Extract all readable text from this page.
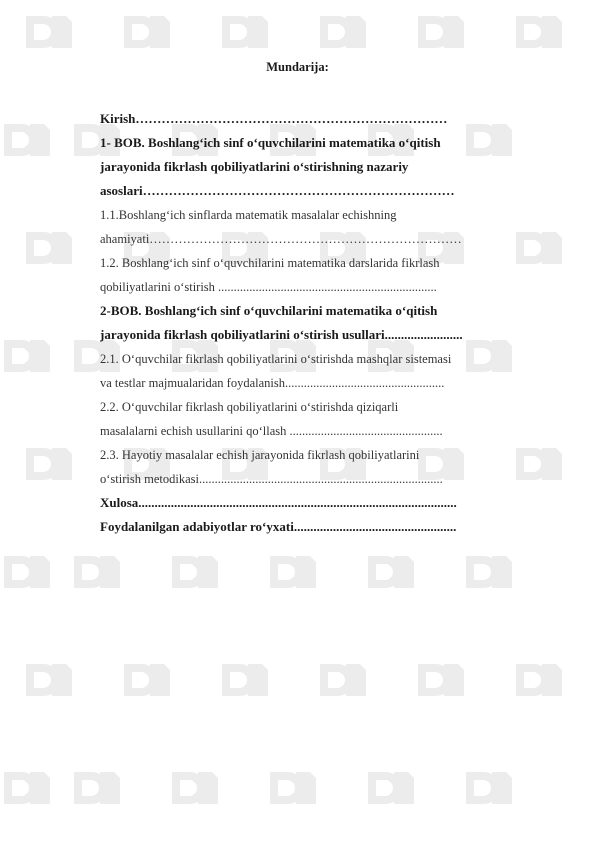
Mundarija:
Kirish………………………………………………………………
1- BOB. Boshlang‘ich sinf o‘quvchilarini matematika o‘qitish
jarayonida fikrlash qobiliyatlarini o‘stirishning nazariy
asoslari………………………………………………………………
1.1.Boshlang‘ich sinflarda matematik masalalar echishning
ahamiyati…………………………………………………………………
1.2. Boshlang‘ich sinf o‘quvchilarini matematika darslarida fikrlash
qobiliyatlarini o‘stirish ......................................................................
2-BOB. Boshlang‘ich sinf o‘quvchilarini matematika o‘qitish
jarayonida fikrlash qobiliyatlarini o‘stirish usullari........................
2.1. O‘quvchilar fikrlash qobiliyatlarini o‘stirishda mashqlar sistemasi
va testlar majmualaridan foydalanish...................................................
2.2. O‘quvchilar fikrlash qobiliyatlarini o‘stirishda qiziqarli
masalalarni echish usullarini qo‘llash .................................................
2.3. Hayotiy masalalar echish jarayonida fikrlash qobiliyatlarini
o‘stirish metodikasi..............................................................................
Xulosa..................................................................................................
Foydalanilgan adabiyotlar ro‘yxati..................................................
